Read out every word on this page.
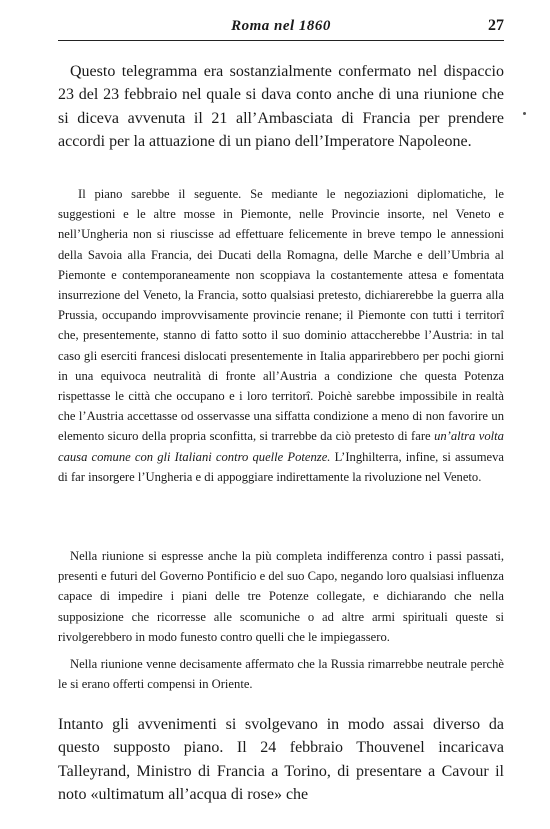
Roma nel 1860	27

Questo telegramma era sostanzialmente confermato nel dispaccio 23 del 23 febbraio nel quale si dava conto anche di una riunione che si diceva avvenuta il 21 all’Ambasciata di Francia per prendere accordi per la attuazione di un piano dell’Imperatore Napoleone.

Il piano sarebbe il seguente. Se mediante le negoziazioni diplomatiche, le suggestioni e le altre mosse in Piemonte, nelle Provincie insorte, nel Veneto e nell’Ungheria non si riuscisse ad effettuare felicemente in breve tempo le annessioni della Savoia alla Francia, dei Ducati della Romagna, delle Marche e dell’Umbria al Piemonte e contemporaneamente non scoppiava la costantemente attesa e fomentata insurrezione del Veneto, la Francia, sotto qualsiasi pretesto, dichiarerebbe la guerra alla Prussia, occupando improvvisamente provincie renane; il Piemonte con tutti i territorî che, presentemente, stanno di fatto sotto il suo dominio attaccherebbe l’Austria: in tal caso gli eserciti francesi dislocati presentemente in Italia apparirebbero per pochi giorni in una equivoca neutralità di fronte all’Austria a condizione che questa Potenza rispettasse le città che occupano e i loro territorî. Poichè sarebbe impossibile in realtà che l’Austria accettasse od osservasse una siffatta condizione a meno di non favorire un elemento sicuro della propria sconfitta, si trarrebbe da ciò pretesto di fare un’altra volta causa comune con gli Italiani contro quelle Potenze. L’Inghilterra, infine, si assumeva di far insorgere l’Ungheria e di appoggiare indirettamente la rivoluzione nel Veneto.

Nella riunione si espresse anche la più completa indifferenza contro i passi passati, presenti e futuri del Governo Pontificio e del suo Capo, negando loro qualsiasi influenza capace di impedire i piani delle tre Potenze collegate, e dichiarando che nella supposizione che ricorresse alle scomuniche o ad altre armi spirituali queste si rivolgerebbero in modo funesto contro quelli che le impiegassero.

Nella riunione venne decisamente affermato che la Russia rimarrebbe neutrale perchè le si erano offerti compensi in Oriente.

Intanto gli avvenimenti si svolgevano in modo assai diverso da questo supposto piano. Il 24 febbraio Thouvenel incaricava Talleyrand, Ministro di Francia a Torino, di presentare a Cavour il noto «ultimatum all’acqua di rose» che
